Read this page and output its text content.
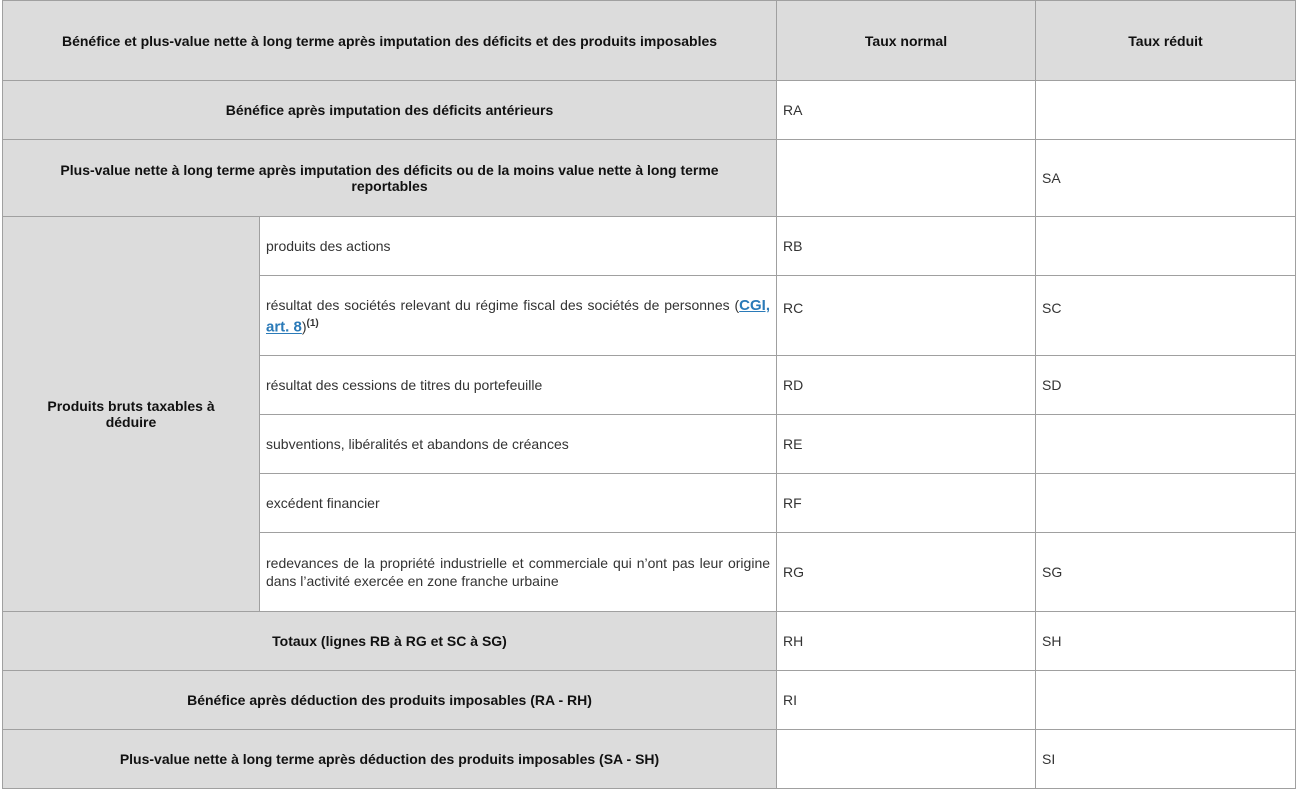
Bénéfice et plus-value nette à long terme après imputation des déficits et des produits imposables		Taux normal	Taux réduit
Bénéfice après imputation des déficits antérieurs		RA	
Plus-value nette à long terme après imputation des déficits ou de la moins value nette à long terme reportables			SA
Produits bruts taxables à déduire	produits des actions	RB	
	résultat des sociétés relevant du régime fiscal des sociétés de personnes (CGI, art. 8)$^{(1)}$	RC	SC
	résultat des cessions de titres du portefeuille	RD	SD
	subventions, libéralités et abandons de créances	RE	
	excédent financier	RF	
	redevances de la propriété industrielle et commerciale qui n’ont pas leur origine dans l’activité exercée en zone franche urbaine	RG	SG
Totaux (lignes RB à RG et SC à SG)		RH	SH
Bénéfice après déduction des produits imposables (RA - RH)		RI	
Plus-value nette à long terme après déduction des produits imposables (SA - SH)			SI
